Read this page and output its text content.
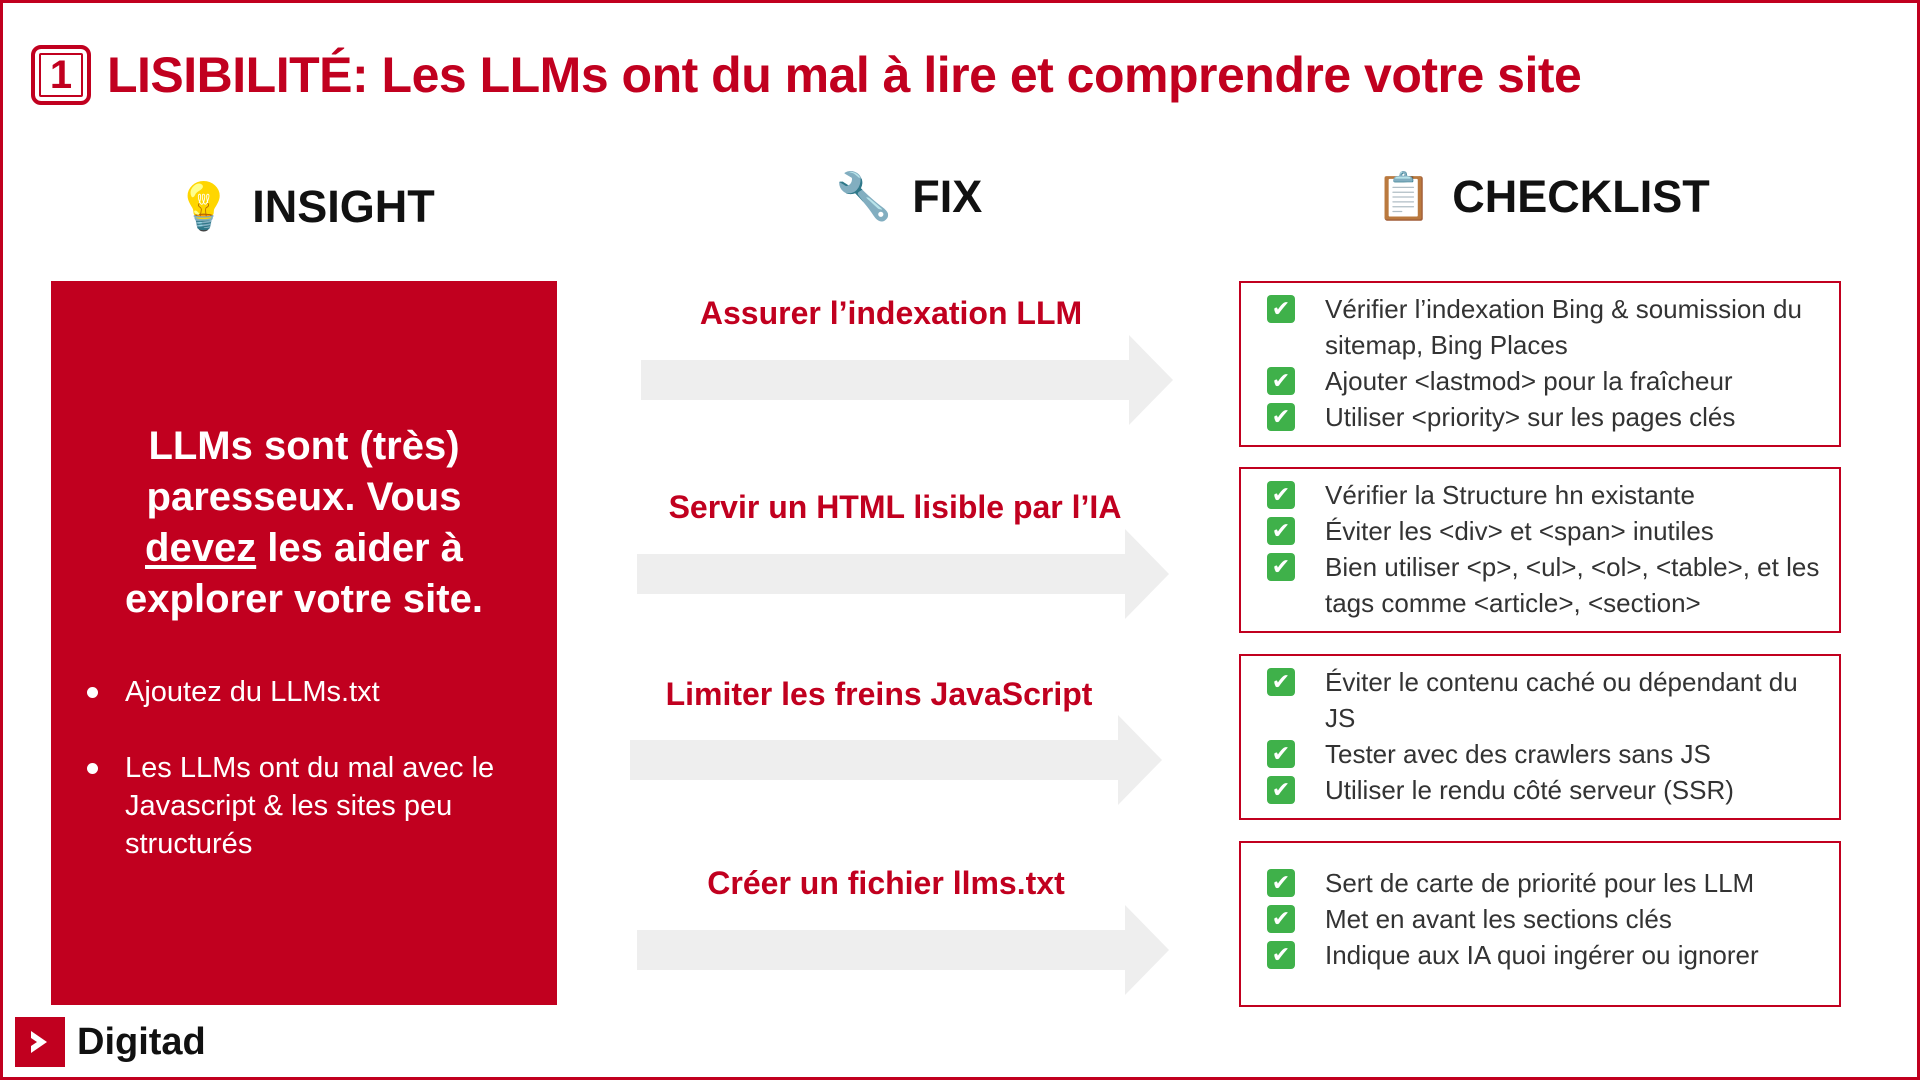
1 LISIBILITÉ: Les LLMs ont du mal à lire et comprendre votre site
💡 INSIGHT	🔧 FIX	📋 CHECKLIST
LLMs sont (très)
paresseux. Vous
devez les aider à
explorer votre site.
Ajoutez du LLMs.txt
Les LLMs ont du mal avec le Javascript & les sites peu structurés
Assurer l’indexation LLM
Servir un HTML lisible par l’IA
Limiter les freins JavaScript
Créer un fichier llms.txt
✔ Vérifier l’indexation Bing & soumission du sitemap, Bing Places
✔ Ajouter <lastmod> pour la fraîcheur
✔ Utiliser <priority> sur les pages clés
✔ Vérifier la Structure hn existante
✔ Éviter les <div> et <span> inutiles
✔ Bien utiliser <p>, <ul>, <ol>, <table>, et les tags comme <article>, <section>
✔ Éviter le contenu caché ou dépendant du JS
✔ Tester avec des crawlers sans JS
✔ Utiliser le rendu côté serveur (SSR)
✔ Sert de carte de priorité pour les LLM
✔ Met en avant les sections clés
✔ Indique aux IA quoi ingérer ou ignorer
Digitad
